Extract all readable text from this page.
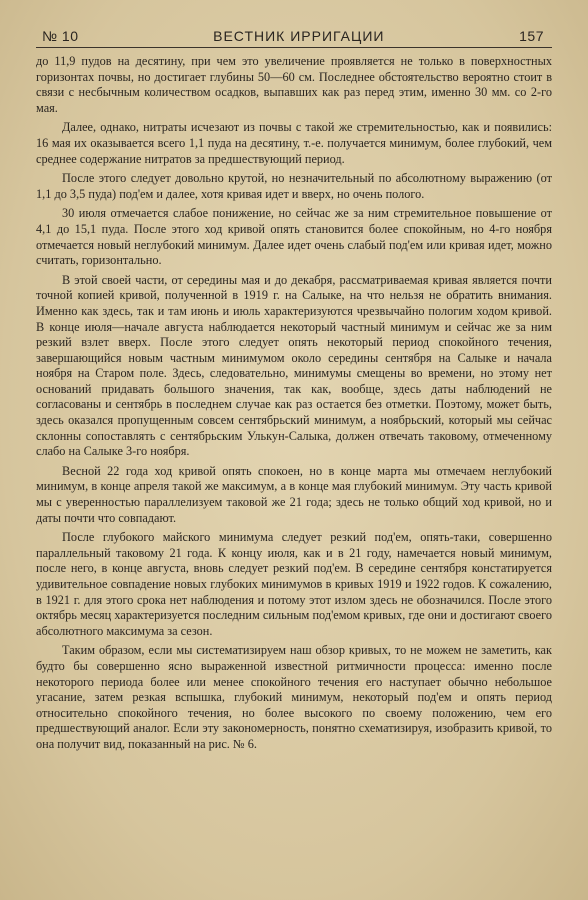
№ 10	ВЕСТНИК ИРРИГАЦИИ	157

до 11,9 пудов на десятину, при чем это увеличение проявляется не только в поверхностных горизонтах почвы, но достигает глубины 50—60 см. Последнее обстоятельство вероятно стоит в связи с несбычным количеством осадков, выпавших как раз перед этим, именно 30 мм. со 2-го мая.

Далее, однако, нитраты исчезают из почвы с такой же стремительностью, как и появились: 16 мая их оказывается всего 1,1 пуда на десятину, т.-е. получается минимум, более глубокий, чем среднее содержание нитратов за предшествующий период.

После этого следует довольно крутой, но незначительный по абсолютному выражению (от 1,1 до 3,5 пуда) под'ем и далее, хотя кривая идет и вверх, но очень полого.

30 июля отмечается слабое понижение, но сейчас же за ним стремительное повышение от 4,1 до 15,1 пуда. После этого ход кривой опять становится более спокойным, но 4-го ноября отмечается новый неглубокий минимум. Далее идет очень слабый под'ем или кривая идет, можно считать, горизонтально.

В этой своей части, от середины мая и до декабря, рассматриваемая кривая является почти точной копией кривой, полученной в 1919 г. на Салыке, на что нельзя не обратить внимания. Именно как здесь, так и там июнь и июль характеризуются чрезвычайно пологим ходом кривой. В конце июля—начале августа наблюдается некоторый частный минимум и сейчас же за ним резкий взлет вверх. После этого следует опять некоторый период спокойного течения, завершающийся новым частным минимумом около середины сентября на Салыке и начала ноября на Старом поле. Здесь, следовательно, минимумы смещены во времени, но этому нет оснований придавать большого значения, так как, вообще, здесь даты наблюдений не согласованы и сентябрь в последнем случае как раз остается без отметки. Поэтому, может быть, здесь оказался пропущенным совсем сентябрьский минимум, а ноябрьский, который мы сейчас склонны сопоставлять с сентябрьским Улькун-Салыка, должен отвечать таковому, отмеченному слабо на Салыке 3-го ноября.

Весной 22 года ход кривой опять спокоен, но в конце марта мы отмечаем неглубокий минимум, в конце апреля такой же максимум, а в конце мая глубокий минимум. Эту часть кривой мы с уверенностью параллелизуем таковой же 21 года; здесь не только общий ход кривой, но и даты почти что совпадают.

После глубокого майского минимума следует резкий под'ем, опять-таки, совершенно параллельный таковому 21 года. К концу июля, как и в 21 году, намечается новый минимум, после него, в конце августа, вновь следует резкий под'ем. В середине сентября констатируется удивительное совпадение новых глубоких минимумов в кривых 1919 и 1922 годов. К сожалению, в 1921 г. для этого срока нет наблюдения и потому этот излом здесь не обозначился. После этого октябрь месяц характеризуется последним сильным под'емом кривых, где они и достигают своего абсолютного максимума за сезон.

Таким образом, если мы систематизируем наш обзор кривых, то не можем не заметить, как будто бы совершенно ясно выраженной известной ритмичности процесса: именно после некоторого периода более или менее спокойного течения его наступает обычно небольшое угасание, затем резкая вспышка, глубокий минимум, некоторый под'ем и опять период относительно спокойного течения, но более высокого по своему положению, чем его предшествующий аналог. Если эту закономерность, понятно схематизируя, изобразить кривой, то она получит вид, показанный на рис. № 6.
